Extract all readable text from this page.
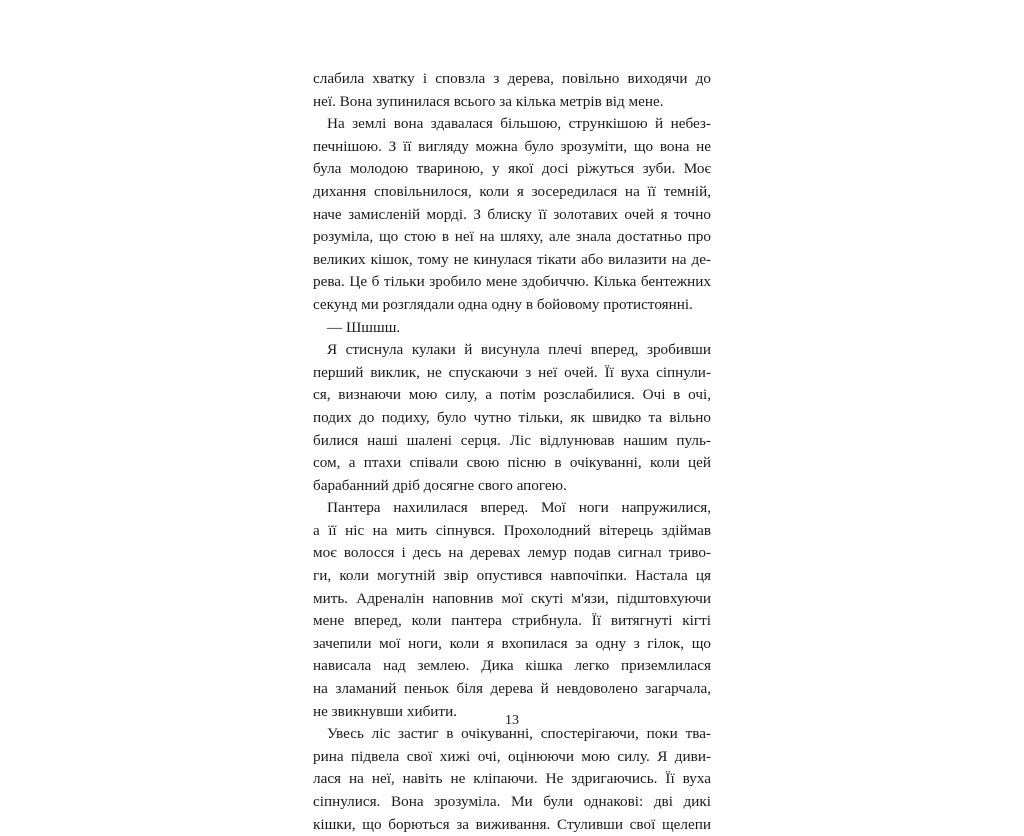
слабила хватку і сповзла з дерева, повільно виходячи до
неї. Вона зупинилася всього за кілька метрів від мене.
На землі вона здавалася більшою, стрункішою й небез-
печнішою. З її вигляду можна було зрозуміти, що вона не
була молодою твариною, у якої досі ріжуться зуби. Моє
дихання сповільнилося, коли я зосередилася на її темній,
наче замисленій морді. З блиску її золотавих очей я точно
розуміла, що стою в неї на шляху, але знала достатньо про
великих кішок, тому не кинулася тікати або вилазити на де-
рева. Це б тільки зробило мене здобиччю. Кілька бентежних
секунд ми розглядали одна одну в бойовому протистоянні.
— Шшшш.
Я стиснула кулаки й висунула плечі вперед, зробивши
перший виклик, не спускаючи з неї очей. Її вуха сіпнули-
ся, визнаючи мою силу, а потім розслабилися. Очі в очі,
подих до подиху, було чутно тільки, як швидко та вільно
билися наші шалені серця. Ліс відлунював нашим пуль-
сом, а птахи співали свою пісню в очікуванні, коли цей
барабанний дріб досягне свого апогею.
Пантера нахилилася вперед. Мої ноги напружилися,
а її ніс на мить сіпнувся. Прохолодний вітерець здіймав
моє волосся і десь на деревах лемур подав сигнал триво-
ги, коли могутній звір опустився навпочіпки. Настала ця
мить. Адреналін наповнив мої скуті м'язи, підштовхуючи
мене вперед, коли пантера стрибнула. Її витягнуті кігті
зачепили мої ноги, коли я вхопилася за одну з гілок, що
нависала над землею. Дика кішка легко приземлилася
на зламаний пеньок біля дерева й невдоволено загарчала,
не звикнувши хибити.
Увесь ліс застиг в очікуванні, спостерігаючи, поки тва-
рина підвела свої хижі очі, оцінюючи мою силу. Я диви-
лася на неї, навіть не кліпаючи. Не здригаючись. Її вуха
сіпнулися. Вона зрозуміла. Ми були однакові: дві дикі
кішки, що борються за виживання. Стуливши свої щелепи
13
